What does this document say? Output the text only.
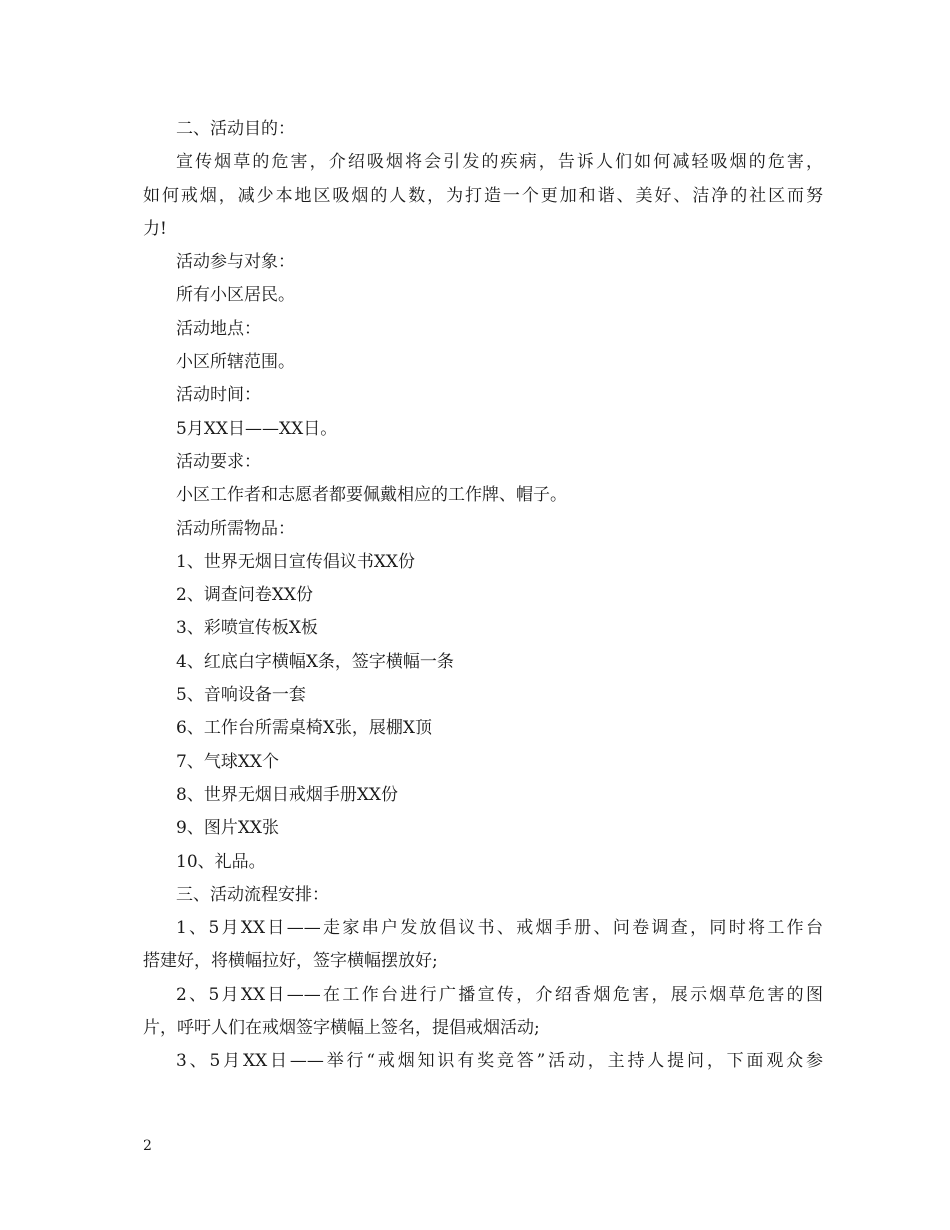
二、活动目的：
宣传烟草的危害，介绍吸烟将会引发的疾病，告诉人们如何减轻吸烟的危害，
如何戒烟，减少本地区吸烟的人数，为打造一个更加和谐、美好、洁净的社区而努
力!
活动参与对象：
所有小区居民。
活动地点：
小区所辖范围。
活动时间：
5月XX日——XX日。
活动要求：
小区工作者和志愿者都要佩戴相应的工作牌、帽子。
活动所需物品：
1、世界无烟日宣传倡议书XX份
2、调查问卷XX份
3、彩喷宣传板X板
4、红底白字横幅X条，签字横幅一条
5、音响设备一套
6、工作台所需桌椅X张，展棚X顶
7、气球XX个
8、世界无烟日戒烟手册XX份
9、图片XX张
10、礼品。
三、活动流程安排：
1、5月XX日——走家串户发放倡议书、戒烟手册、问卷调查，同时将工作台
搭建好，将横幅拉好，签字横幅摆放好;
2、5月XX日——在工作台进行广播宣传，介绍香烟危害，展示烟草危害的图
片，呼吁人们在戒烟签字横幅上签名，提倡戒烟活动;
3、5月XX日——举行“戒烟知识有奖竞答”活动，主持人提问，下面观众参
2
